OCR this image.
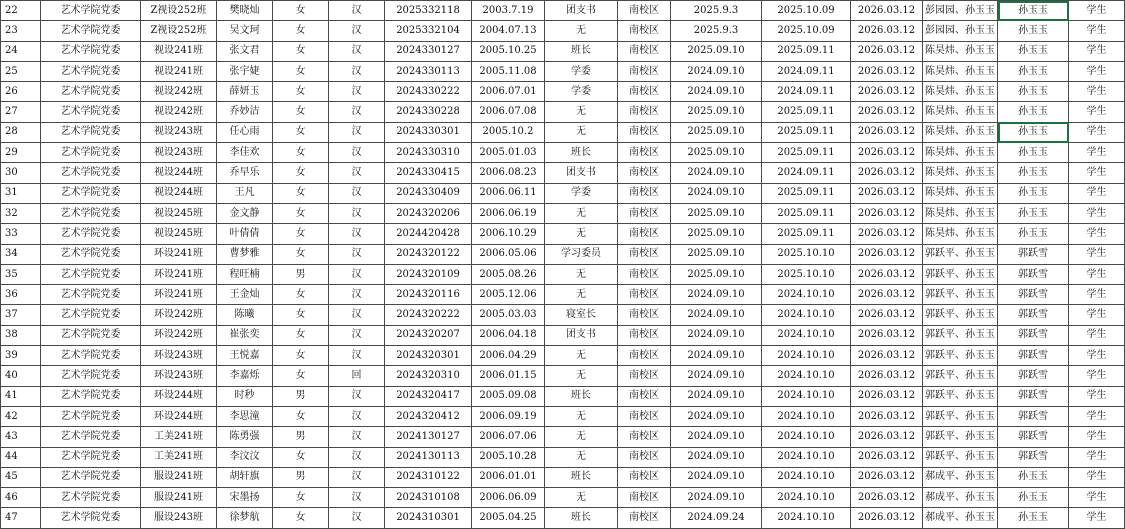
22	艺术学院党委	Z视设252班	樊晓灿	女	汉	2025332118	2003.7.19	团支书	南校区	2025.9.3	2025.10.09	2026.03.12	彭园园、孙玉玉	孙玉玉	学生
23	艺术学院党委	Z视设252班	吴文珂	女	汉	2025332104	2004.07.13	无	南校区	2025.9.3	2025.10.09	2026.03.12	彭园园、孙玉玉	孙玉玉	学生
24	艺术学院党委	视设241班	张文君	女	汉	2024330127	2005.10.25	班长	南校区	2025.09.10	2025.09.11	2026.03.12	陈昊炜、孙玉玉	孙玉玉	学生
25	艺术学院党委	视设241班	张宇婕	女	汉	2024330113	2005.11.08	学委	南校区	2024.09.10	2024.09.11	2026.03.12	陈昊炜、孙玉玉	孙玉玉	学生
26	艺术学院党委	视设242班	薛妍玉	女	汉	2024330222	2006.07.01	学委	南校区	2024.09.10	2024.09.11	2026.03.12	陈昊炜、孙玉玉	孙玉玉	学生
27	艺术学院党委	视设242班	乔妙洁	女	汉	2024330228	2006.07.08	无	南校区	2025.09.10	2025.09.11	2026.03.12	陈昊炜、孙玉玉	孙玉玉	学生
28	艺术学院党委	视设243班	任心雨	女	汉	2024330301	2005.10.2	无	南校区	2025.09.10	2025.09.11	2026.03.12	陈昊炜、孙玉玉	孙玉玉	学生
29	艺术学院党委	视设243班	李佳欢	女	汉	2024330310	2005.01.03	班长	南校区	2025.09.10	2025.09.11	2026.03.12	陈昊炜、孙玉玉	孙玉玉	学生
30	艺术学院党委	视设244班	乔早乐	女	汉	2024330415	2006.08.23	团支书	南校区	2024.09.10	2024.09.11	2026.03.12	陈昊炜、孙玉玉	孙玉玉	学生
31	艺术学院党委	视设244班	王凡	女	汉	2024330409	2006.06.11	学委	南校区	2024.09.10	2025.09.11	2026.03.12	陈昊炜、孙玉玉	孙玉玉	学生
32	艺术学院党委	视设245班	金文静	女	汉	2024320206	2006.06.19	无	南校区	2025.09.10	2025.09.11	2026.03.12	陈昊炜、孙玉玉	孙玉玉	学生
33	艺术学院党委	视设245班	叶倩倩	女	汉	2024420428	2006.10.29	无	南校区	2025.09.10	2025.09.11	2026.03.12	陈昊炜、孙玉玉	孙玉玉	学生
34	艺术学院党委	环设241班	曹梦雅	女	汉	2024320122	2006.05.06	学习委员	南校区	2025.09.10	2025.10.10	2026.03.12	郭跃平、孙玉玉	郭跃雪	学生
35	艺术学院党委	环设241班	程旺楠	男	汉	2024320109	2005.08.26	无	南校区	2025.09.10	2025.10.10	2026.03.12	郭跃平、孙玉玉	郭跃雪	学生
36	艺术学院党委	环设241班	王金灿	女	汉	2024320116	2005.12.06	无	南校区	2024.09.10	2024.10.10	2026.03.12	郭跃平、孙玉玉	郭跃雪	学生
37	艺术学院党委	环设242班	陈曦	女	汉	2024320222	2005.03.03	寝室长	南校区	2024.09.10	2024.10.10	2026.03.12	郭跃平、孙玉玉	郭跃雪	学生
38	艺术学院党委	环设242班	崔张奕	女	汉	2024320207	2006.04.18	团支书	南校区	2024.09.10	2024.10.10	2026.03.12	郭跃平、孙玉玉	郭跃雪	学生
39	艺术学院党委	环设243班	王悦嘉	女	汉	2024320301	2006.04.29	无	南校区	2024.09.10	2024.10.10	2026.03.12	郭跃平、孙玉玉	郭跃雪	学生
40	艺术学院党委	环设243班	李嘉烁	女	回	2024320310	2006.01.15	无	南校区	2024.09.10	2024.10.10	2026.03.12	郭跃平、孙玉玉	郭跃雪	学生
41	艺术学院党委	环设244班	时秒	男	汉	2024320417	2005.09.08	班长	南校区	2024.09.10	2024.10.10	2026.03.12	郭跃平、孙玉玉	郭跃雪	学生
42	艺术学院党委	环设244班	李思潼	女	汉	2024320412	2006.09.19	无	南校区	2024.09.10	2024.10.10	2026.03.12	郭跃平、孙玉玉	郭跃雪	学生
43	艺术学院党委	工美241班	陈勇强	男	汉	2024130127	2006.07.06	无	南校区	2024.09.10	2024.10.10	2026.03.12	郭跃平、孙玉玉	郭跃雪	学生
44	艺术学院党委	工美241班	李汶汶	女	汉	2024130113	2005.10.28	无	南校区	2024.09.10	2024.10.10	2026.03.12	郭跃平、孙玉玉	郭跃雪	学生
45	艺术学院党委	服设241班	胡轩旗	男	汉	2024310122	2006.01.01	班长	南校区	2024.09.10	2024.10.10	2026.03.12	郝成平、孙玉玉	孙玉玉	学生
46	艺术学院党委	服设241班	宋墨扬	女	汉	2024310108	2006.06.09	无	南校区	2024.09.10	2024.10.10	2026.03.12	郝成平、孙玉玉	孙玉玉	学生
47	艺术学院党委	服设243班	徐梦航	女	汉	2024310301	2005.04.25	班长	南校区	2024.09.24	2024.10.10	2026.03.12	郝成平、孙玉玉	孙玉玉	学生
